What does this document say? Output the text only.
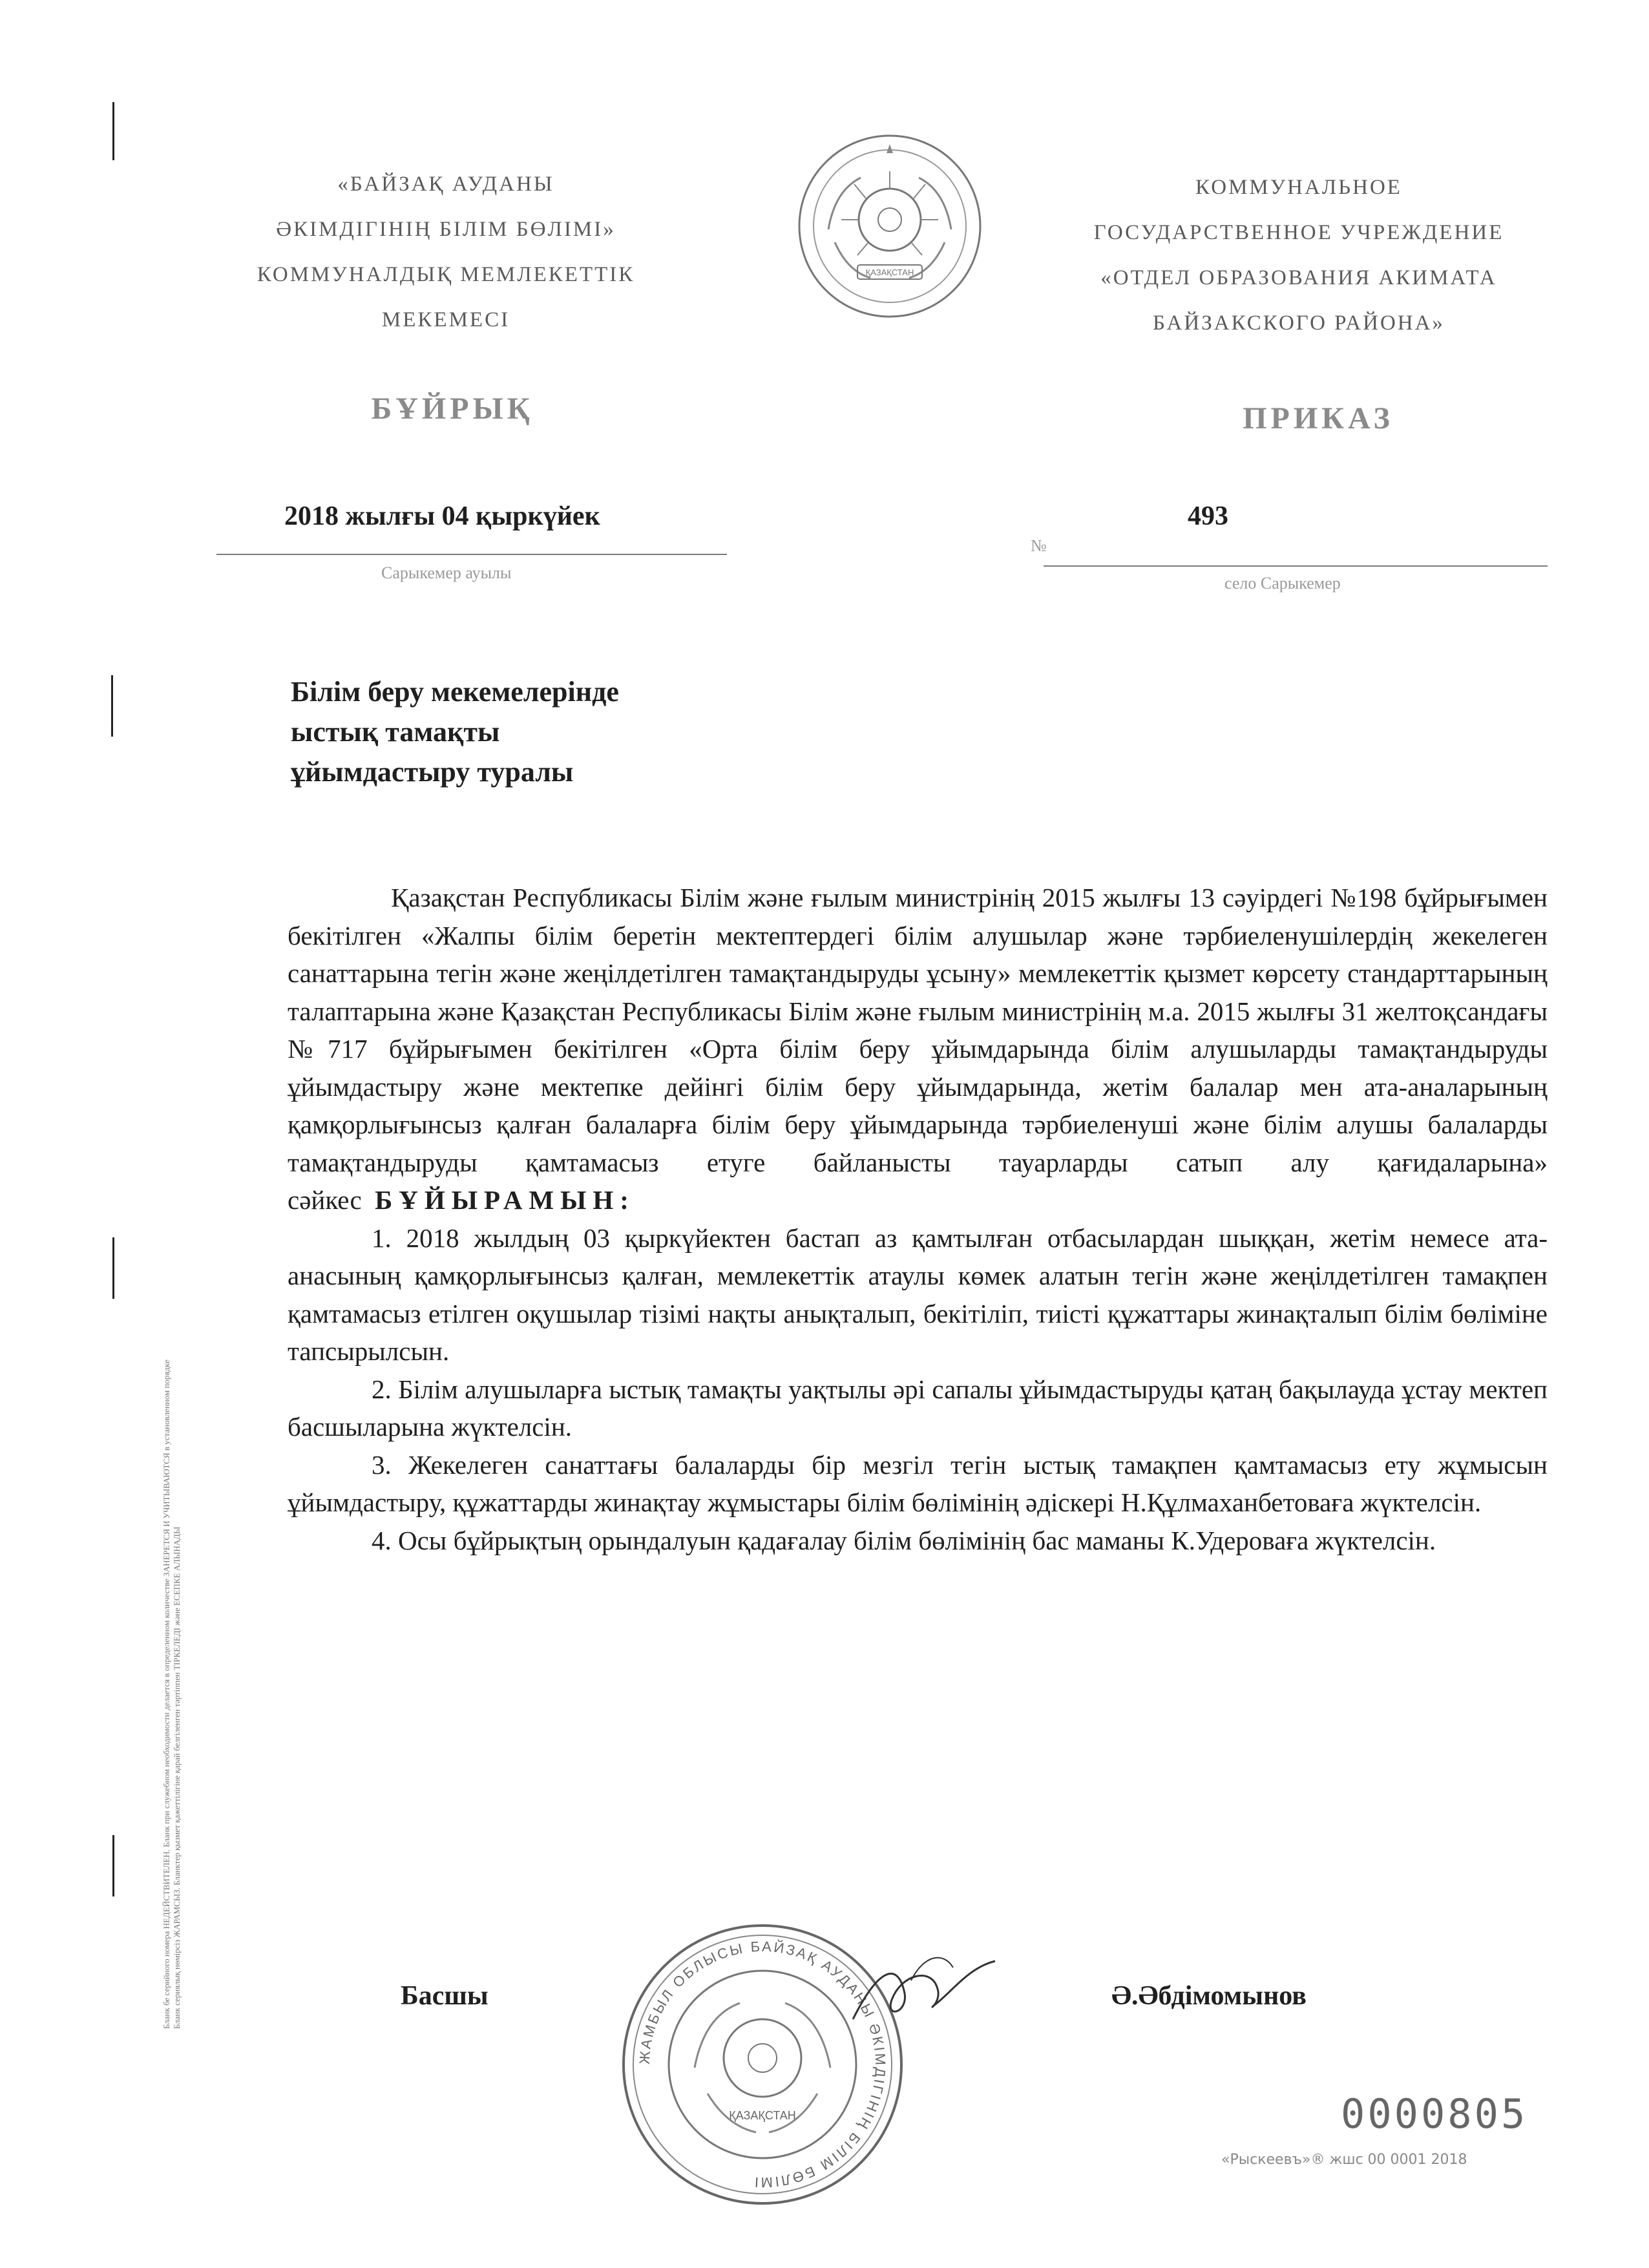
Бланк бе серийного номера НЕДЕЙСТВИТЕЛЕН. Бланк при служебном необходимости делается в определенном количестве ЗАНЕРЕТСЯ И УЧИТЫВАЮТСЯ в установленном порядке Бланк сериялық нөмірсіз ЖАРАМСЫЗ. Бланктер қызмет қажеттілігіне қарай белгіленген тәртіппен ТІРКЕЛЕДІ және ЕСЕПКЕ АЛЫНАДЫ
«БАЙЗАҚ АУДАНЫ
ӘКІМДІГІНІҢ БІЛІМ БӨЛІМІ»
КОММУНАЛДЫҚ МЕМЛЕКЕТТІК
МЕКЕМЕСІ
ҚАЗАҚСТАН
КОММУНАЛЬНОЕ
ГОСУДАРСТВЕННОЕ УЧРЕЖДЕНИЕ
«ОТДЕЛ ОБРАЗОВАНИЯ АКИМАТА
БАЙЗАКСКОГО РАЙОНА»
БҰЙРЫҚ	ПРИКАЗ
2018 жылғы 04 қыркүйек
№
493
Сарыкемер ауылы
село Сарыкемер
Білім беру мекемелерінде
ыстық тамақты
ұйымдастыру туралы

Қазақстан Республикасы Білім және ғылым министрінің 2015 жылғы 13 сәуірдегі №198 бұйрығымен бекітілген «Жалпы білім беретін мектептердегі білім алушылар және тәрбиеленушілердің жекелеген санаттарына тегін және жеңілдетілген тамақтандыруды ұсыну» мемлекеттік қызмет көрсету стандарттарының талаптарына және Қазақстан Республикасы Білім және ғылым министрінің м.а. 2015 жылғы 31 желтоқсандағы №717 бұйрығымен бекітілген «Орта білім беру ұйымдарында білім алушыларды тамақтандыруды ұйымдастыру және мектепке дейінгі білім беру ұйымдарында, жетім балалар мен ата-аналарының қамқорлығынсыз қалған балаларға білім беру ұйымдарында тәрбиеленуші және білім алушы балаларды тамақтандыруды қамтамасыз етуге байланысты тауарларды сатып алу қағидаларына» сәйкес БҰЙЫРАМЫН:

1. 2018 жылдың 03 қыркүйектен бастап аз қамтылған отбасылардан шыққан, жетім немесе ата-анасының қамқорлығынсыз қалған, мемлекеттік атаулы көмек алатын тегін және жеңілдетілген тамақпен қамтамасыз етілген оқушылар тізімі нақты анықталып, бекітіліп, тиісті құжаттары жинақталып білім бөліміне тапсырылсын.

2. Білім алушыларға ыстық тамақты уақтылы әрі сапалы ұйымдастыруды қатаң бақылауда ұстау мектеп басшыларына жүктелсін.

3. Жекелеген санаттағы балаларды бір мезгіл тегін ыстық тамақпен қамтамасыз ету жұмысын ұйымдастыру, құжаттарды жинақтау жұмыстары білім бөлімінің әдіскері Н.Құлмаханбетоваға жүктелсін.

4. Осы бұйрықтың орындалуын қадағалау білім бөлімінің бас маманы К.Удероваға жүктелсін.

ЖАМБЫЛ ОБЛЫСЫ БАЙЗАҚ АУДАНЫ ӘКІМДІГІНІҢ БІЛІМ БӨЛІМІ
ҚАЗАҚСТАН
Басшы	Ә.Әбдімомынов
0000805
«Рыскеевъ»® жшс 00 0001 2018
